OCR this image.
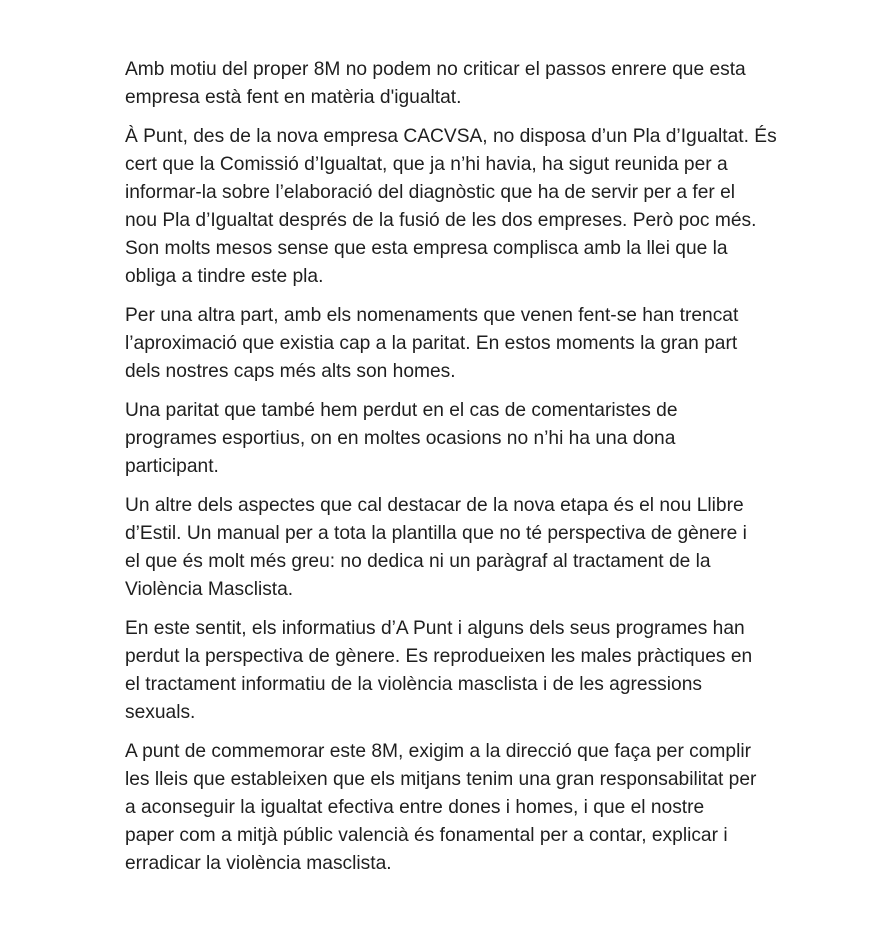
Amb motiu del proper 8M no podem no criticar el passos enrere que esta
empresa està fent en matèria d'igualtat.

À Punt, des de la nova empresa CACVSA, no disposa d’un Pla d’Igualtat. És
cert que la Comissió d’Igualtat, que ja n’hi havia, ha sigut reunida per a
informar-la sobre l’elaboració del diagnòstic que ha de servir per a fer el
nou Pla d’Igualtat després de la fusió de les dos empreses. Però poc més.
Son molts mesos sense que esta empresa complisca amb la llei que la
obliga a tindre este pla.

Per una altra part, amb els nomenaments que venen fent-se han trencat
l’aproximació que existia cap a la paritat. En estos moments la gran part
dels nostres caps més alts son homes.

Una paritat que també hem perdut en el cas de comentaristes de
programes esportius, on en moltes ocasions no n’hi ha una dona
participant.

Un altre dels aspectes que cal destacar de la nova etapa és el nou Llibre
d’Estil. Un manual per a tota la plantilla que no té perspectiva de gènere i
el que és molt més greu: no dedica ni un paràgraf al tractament de la
Violència Masclista.

En este sentit, els informatius d’A Punt i alguns dels seus programes han
perdut la perspectiva de gènere. Es reprodueixen les males pràctiques en
el tractament informatiu de la violència masclista i de les agressions
sexuals.

A punt de commemorar este 8M, exigim a la direcció que faça per complir
les lleis que estableixen que els mitjans tenim una gran responsabilitat per
a aconseguir la igualtat efectiva entre dones i homes, i que el nostre
paper com a mitjà públic valencià és fonamental per a contar, explicar i
erradicar la violència masclista.
